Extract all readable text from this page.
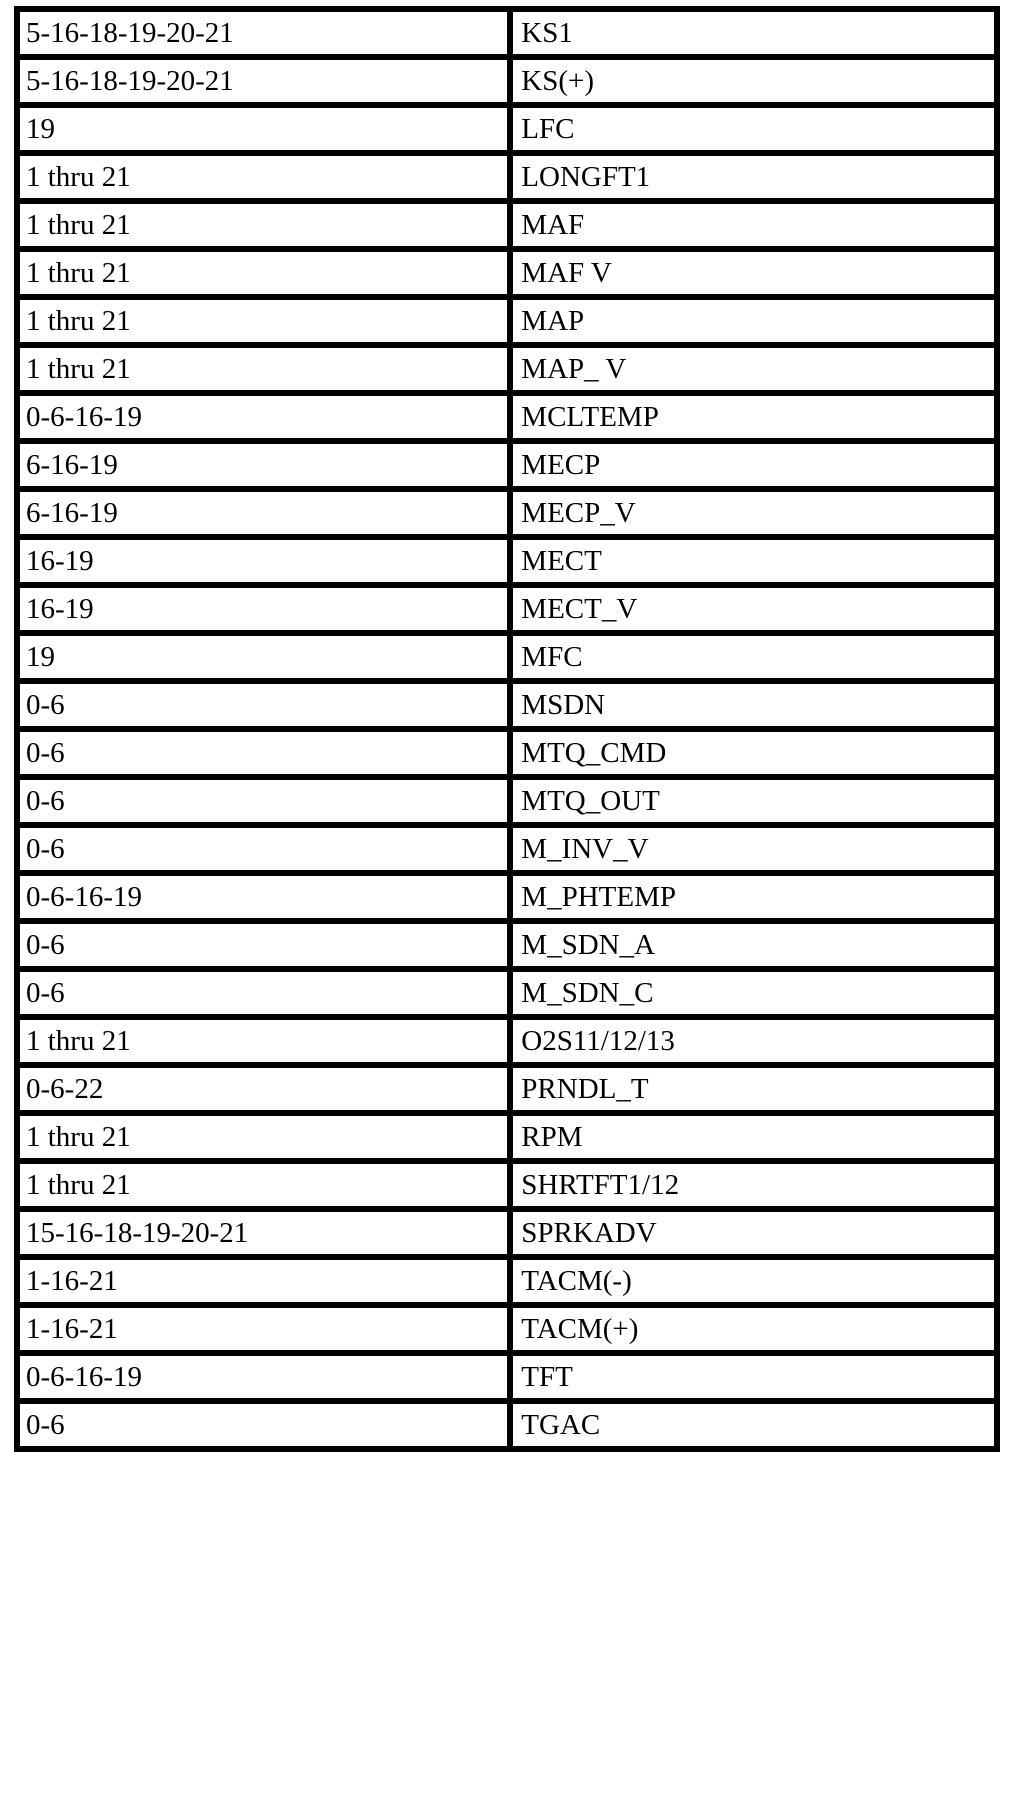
5-16-18-19-20-21	KS1
5-16-18-19-20-21	KS(+)
19	LFC
1 thru 21	LONGFT1
1 thru 21	MAF
1 thru 21	MAF V
1 thru 21	MAP
1 thru 21	MAP_ V
0-6-16-19	MCLTEMP
6-16-19	MECP
6-16-19	MECP_V
16-19	MECT
16-19	MECT_V
19	MFC
0-6	MSDN
0-6	MTQ_CMD
0-6	MTQ_OUT
0-6	M_INV_V
0-6-16-19	M_PHTEMP
0-6	M_SDN_A
0-6	M_SDN_C
1 thru 21	O2S11/12/13
0-6-22	PRNDL_T
1 thru 21	RPM
1 thru 21	SHRTFT1/12
15-16-18-19-20-21	SPRKADV
1-16-21	TACM(-)
1-16-21	TACM(+)
0-6-16-19	TFT
0-6	TGAC
